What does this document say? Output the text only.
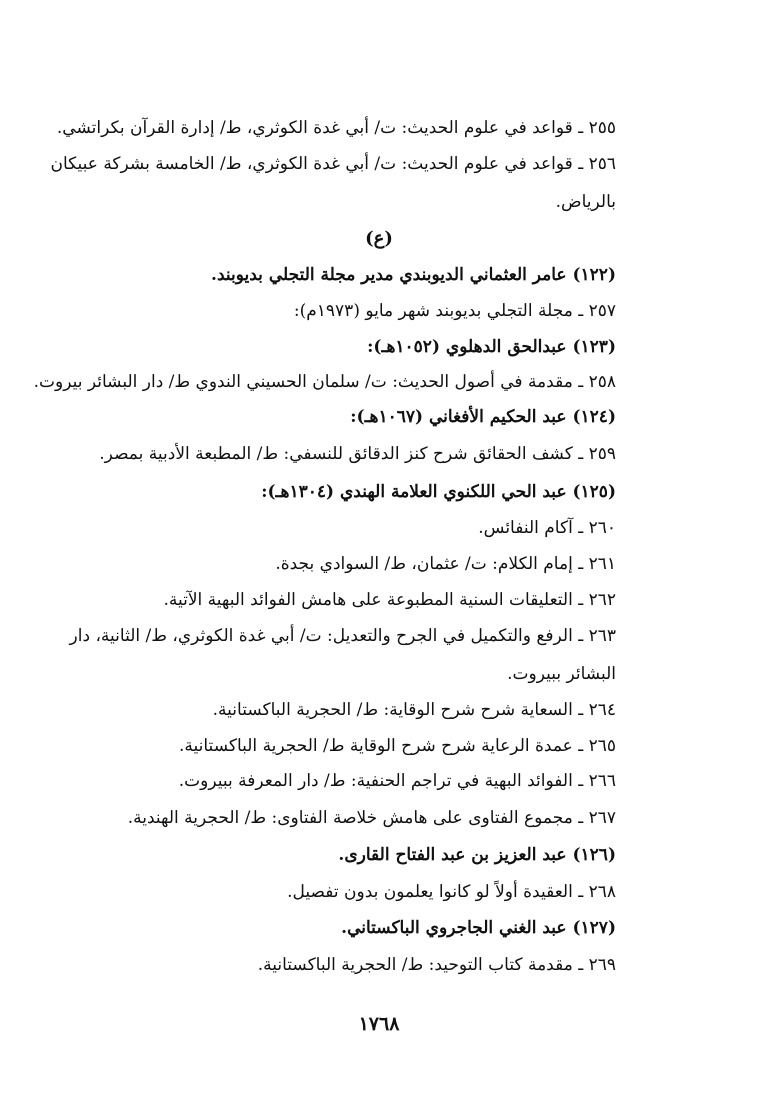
٢٥٥ ـ قواعد في علوم الحديث: ت/ أبي غدة الكوثري، ط/ إدارة القرآن بكراتشي.
٢٥٦ ـ قواعد في علوم الحديث: ت/ أبي غدة الكوثري، ط/ الخامسة بشركة عبيكان
بالرياض.
(ع)
(١٢٢) عامر العثماني الديوبندي مدير مجلة التجلي بديوبند.
٢٥٧ ـ مجلة التجلي بديوبند شهر مايو (١٩٧٣م):
(١٢٣) عبدالحق الدهلوي (١٠٥٢هـ):
٢٥٨ ـ مقدمة في أصول الحديث: ت/ سلمان الحسيني الندوي ط/ دار البشائر بيروت.
(١٢٤) عبد الحكيم الأفغاني (١٠٦٧هـ):
٢٥٩ ـ كشف الحقائق شرح كنز الدقائق للنسفي: ط/ المطبعة الأدبية بمصر.
(١٢٥) عبد الحي اللكنوي العلامة الهندي (١٣٠٤هـ):
٢٦٠ ـ آكام النفائس.
٢٦١ ـ إمام الكلام: ت/ عثمان، ط/ السوادي بجدة.
٢٦٢ ـ التعليقات السنية المطبوعة على هامش الفوائد البهية الآتية.
٢٦٣ ـ الرفع والتكميل في الجرح والتعديل: ت/ أبي غدة الكوثري، ط/ الثانية، دار
البشائر ببيروت.
٢٦٤ ـ السعاية شرح شرح الوقاية: ط/ الحجرية الباكستانية.
٢٦٥ ـ عمدة الرعاية شرح شرح الوقاية ط/ الحجرية الباكستانية.
٢٦٦ ـ الفوائد البهية في تراجم الحنفية: ط/ دار المعرفة ببيروت.
٢٦٧ ـ مجموع الفتاوى على هامش خلاصة الفتاوى: ط/ الحجرية الهندية.
(١٢٦) عبد العزيز بن عبد الفتاح القارى.
٢٦٨ ـ العقيدة أولاً لو كانوا يعلمون بدون تفصيل.
(١٢٧) عبد الغني الجاجروي الباكستاني.
٢٦٩ ـ مقدمة كتاب التوحيد: ط/ الحجرية الباكستانية.
١٧٦٨
